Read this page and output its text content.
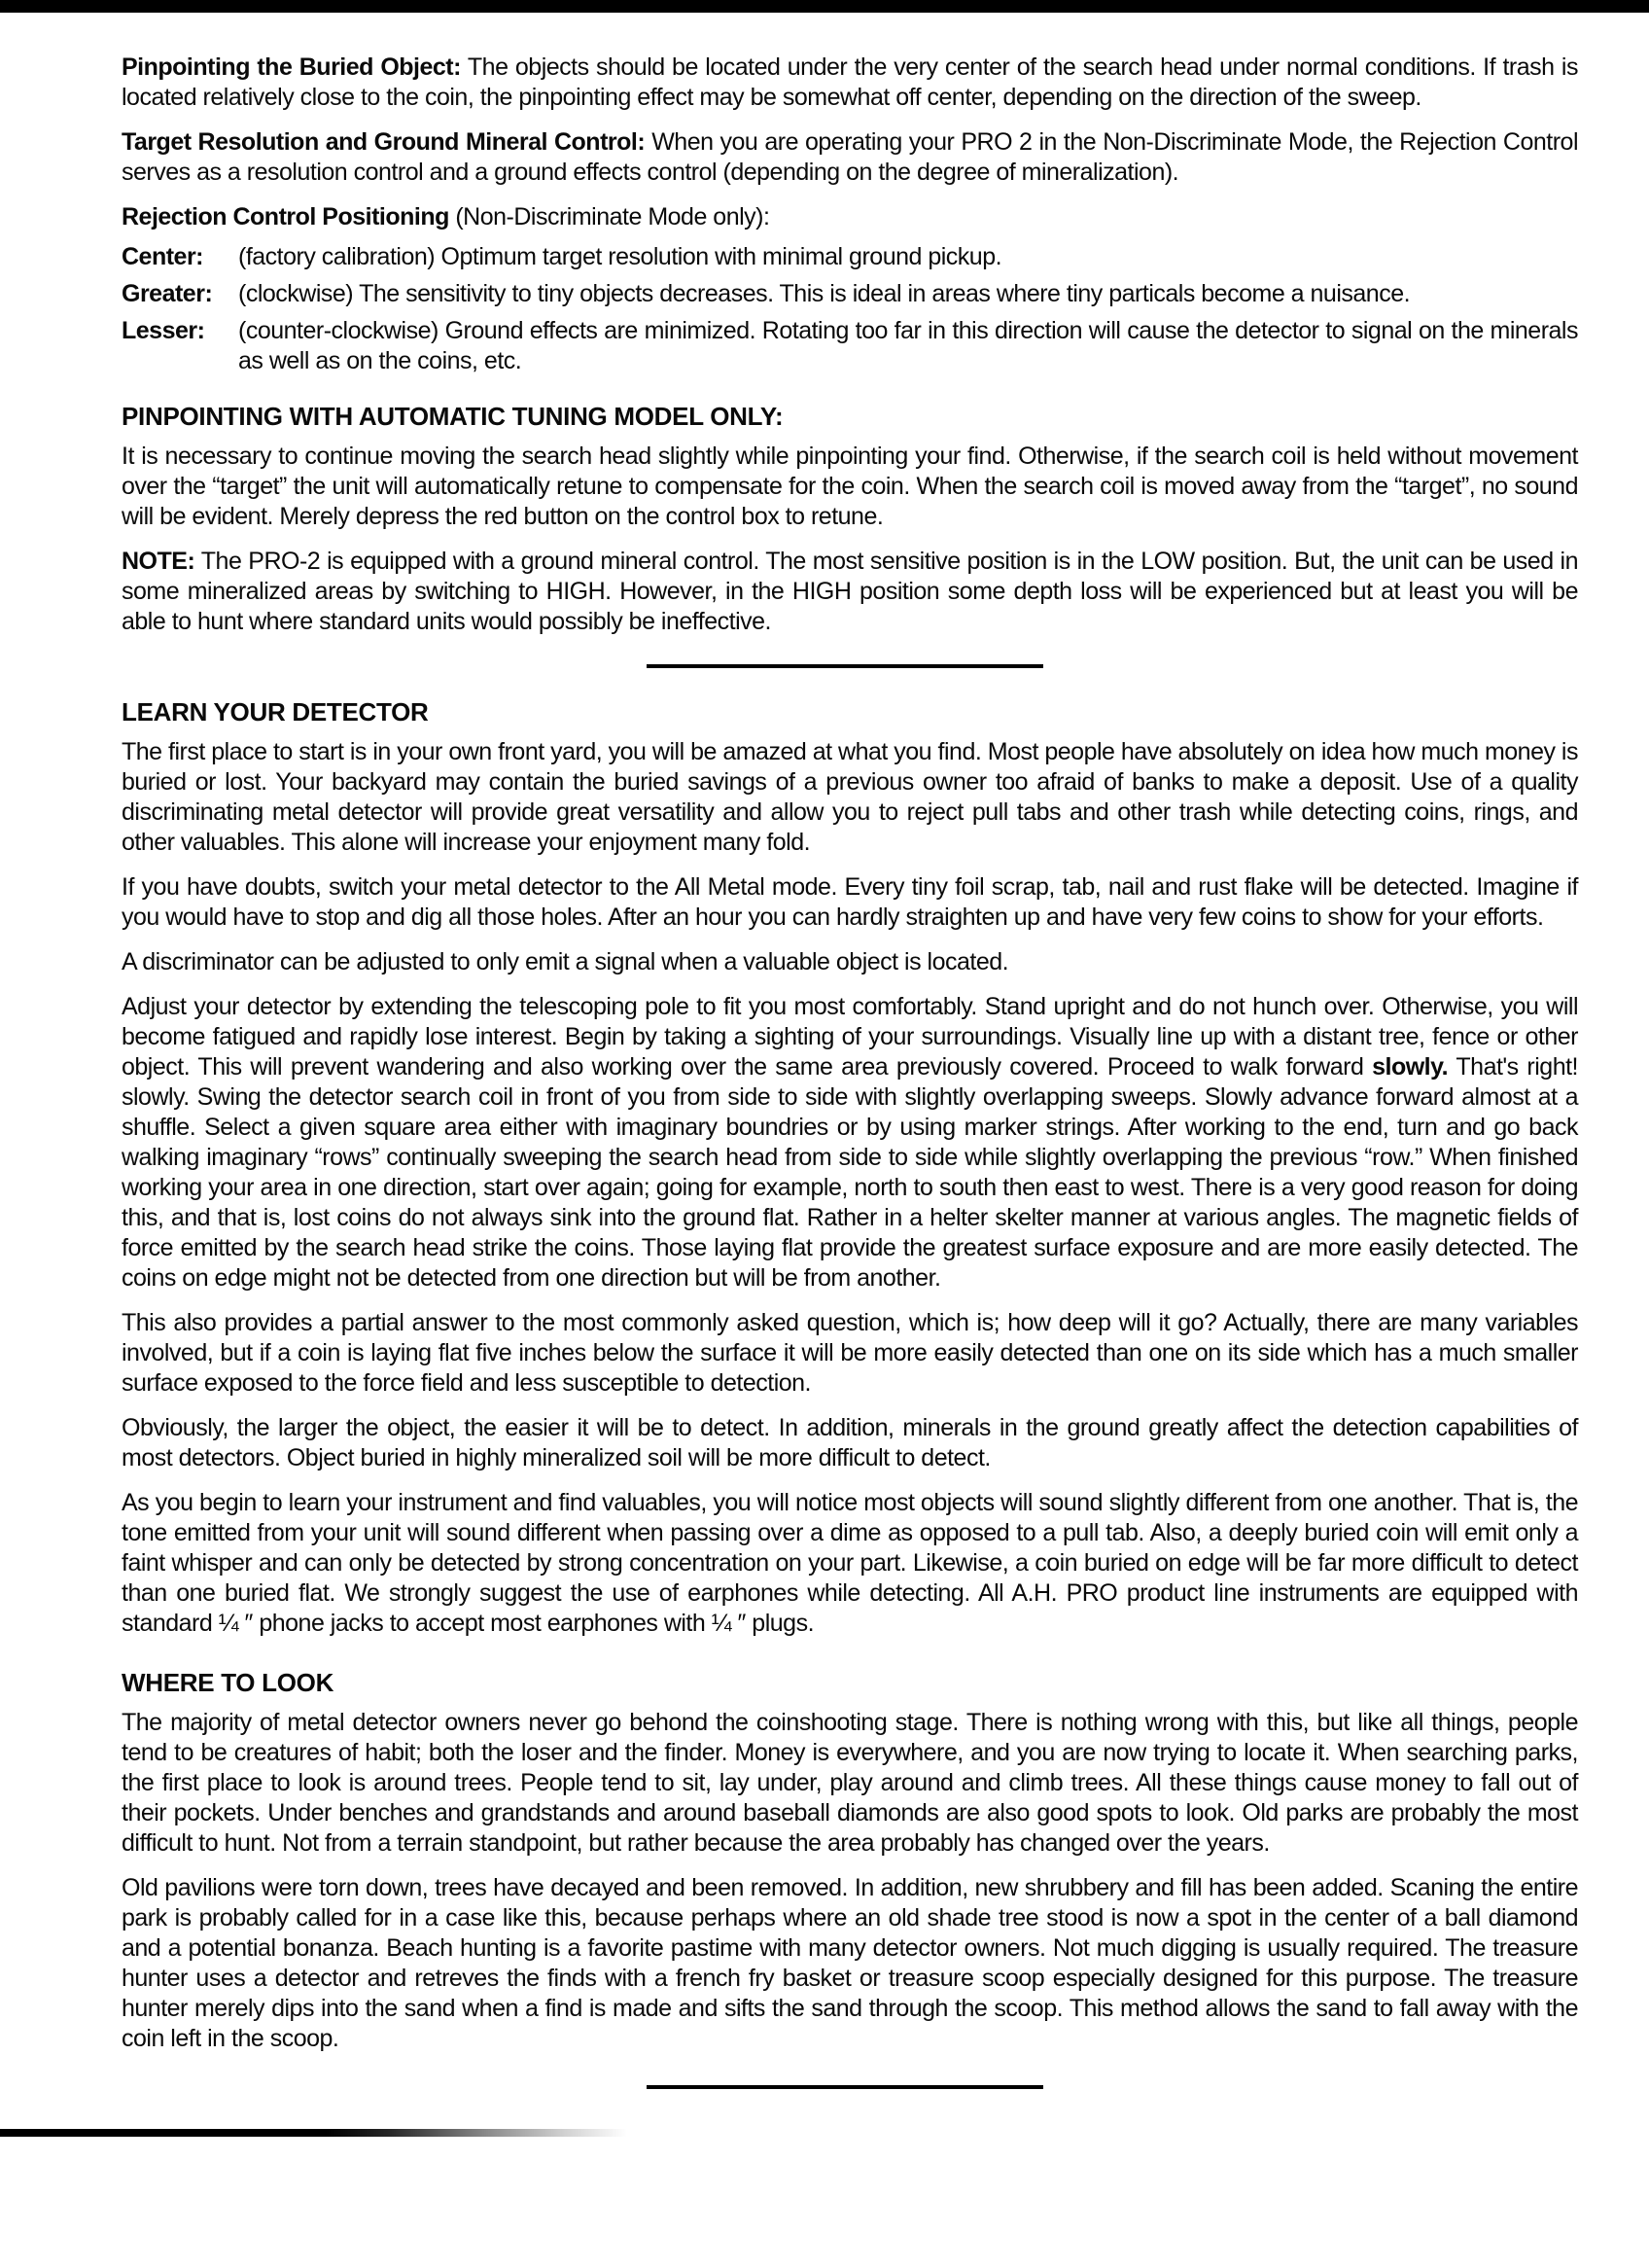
Pinpointing the Buried Object: The objects should be located under the very center of the search head under normal conditions. If trash is located relatively close to the coin, the pinpointing effect may be somewhat off center, depending on the direction of the sweep.

Target Resolution and Ground Mineral Control: When you are operating your PRO 2 in the Non-Discriminate Mode, the Rejection Control serves as a resolution control and a ground effects control (depending on the degree of mineralization).

Rejection Control Positioning (Non-Discriminate Mode only):

Center:	(factory calibration) Optimum target resolution with minimal ground pickup.
Greater:	(clockwise) The sensitivity to tiny objects decreases. This is ideal in areas where tiny particals become a nuisance.
Lesser:	(counter-clockwise) Ground effects are minimized. Rotating too far in this direction will cause the detector to signal on the minerals as well as on the coins, etc.
PINPOINTING WITH AUTOMATIC TUNING MODEL ONLY:

It is necessary to continue moving the search head slightly while pinpointing your find. Otherwise, if the search coil is held without movement over the “target” the unit will automatically retune to compensate for the coin. When the search coil is moved away from the “target”, no sound will be evident. Merely depress the red button on the control box to retune.

NOTE: The PRO-2 is equipped with a ground mineral control. The most sensitive position is in the LOW position. But, the unit can be used in some mineralized areas by switching to HIGH. However, in the HIGH position some depth loss will be experienced but at least you will be able to hunt where standard units would possibly be ineffective.

LEARN YOUR DETECTOR

The first place to start is in your own front yard, you will be amazed at what you find. Most people have absolutely on idea how much money is buried or lost. Your backyard may contain the buried savings of a previous owner too afraid of banks to make a deposit. Use of a quality discriminating metal detector will provide great versatility and allow you to reject pull tabs and other trash while detecting coins, rings, and other valuables. This alone will increase your enjoyment many fold.

If you have doubts, switch your metal detector to the All Metal mode. Every tiny foil scrap, tab, nail and rust flake will be detected. Imagine if you would have to stop and dig all those holes. After an hour you can hardly straighten up and have very few coins to show for your efforts.

A discriminator can be adjusted to only emit a signal when a valuable object is located.

Adjust your detector by extending the telescoping pole to fit you most comfortably. Stand upright and do not hunch over. Otherwise, you will become fatigued and rapidly lose interest. Begin by taking a sighting of your surroundings. Visually line up with a distant tree, fence or other object. This will prevent wandering and also working over the same area previously covered. Proceed to walk forward slowly. That's right! slowly. Swing the detector search coil in front of you from side to side with slightly overlapping sweeps. Slowly advance forward almost at a shuffle. Select a given square area either with imaginary boundries or by using marker strings. After working to the end, turn and go back walking imaginary “rows” continually sweeping the search head from side to side while slightly overlapping the previous “row.” When finished working your area in one direction, start over again; going for example, north to south then east to west. There is a very good reason for doing this, and that is, lost coins do not always sink into the ground flat. Rather in a helter skelter manner at various angles. The magnetic fields of force emitted by the search head strike the coins. Those laying flat provide the greatest surface exposure and are more easily detected. The coins on edge might not be detected from one direction but will be from another.

This also provides a partial answer to the most commonly asked question, which is; how deep will it go? Actually, there are many variables involved, but if a coin is laying flat five inches below the surface it will be more easily detected than one on its side which has a much smaller surface exposed to the force field and less susceptible to detection.

Obviously, the larger the object, the easier it will be to detect. In addition, minerals in the ground greatly affect the detection capabilities of most detectors. Object buried in highly mineralized soil will be more difficult to detect.

As you begin to learn your instrument and find valuables, you will notice most objects will sound slightly different from one another. That is, the tone emitted from your unit will sound different when passing over a dime as opposed to a pull tab. Also, a deeply buried coin will emit only a faint whisper and can only be detected by strong concentration on your part. Likewise, a coin buried on edge will be far more difficult to detect than one buried flat. We strongly suggest the use of earphones while detecting. All A.H. PRO product line instruments are equipped with standard ¼ ″ phone jacks to accept most earphones with ¼ ″ plugs.

WHERE TO LOOK

The majority of metal detector owners never go behond the coinshooting stage. There is nothing wrong with this, but like all things, people tend to be creatures of habit; both the loser and the finder. Money is everywhere, and you are now trying to locate it. When searching parks, the first place to look is around trees. People tend to sit, lay under, play around and climb trees. All these things cause money to fall out of their pockets. Under benches and grandstands and around baseball diamonds are also good spots to look. Old parks are probably the most difficult to hunt. Not from a terrain standpoint, but rather because the area probably has changed over the years.

Old pavilions were torn down, trees have decayed and been removed. In addition, new shrubbery and fill has been added. Scaning the entire park is probably called for in a case like this, because perhaps where an old shade tree stood is now a spot in the center of a ball diamond and a potential bonanza. Beach hunting is a favorite pastime with many detector owners. Not much digging is usually required. The treasure hunter uses a detector and retreves the finds with a french fry basket or treasure scoop especially designed for this purpose. The treasure hunter merely dips into the sand when a find is made and sifts the sand through the scoop. This method allows the sand to fall away with the coin left in the scoop.
